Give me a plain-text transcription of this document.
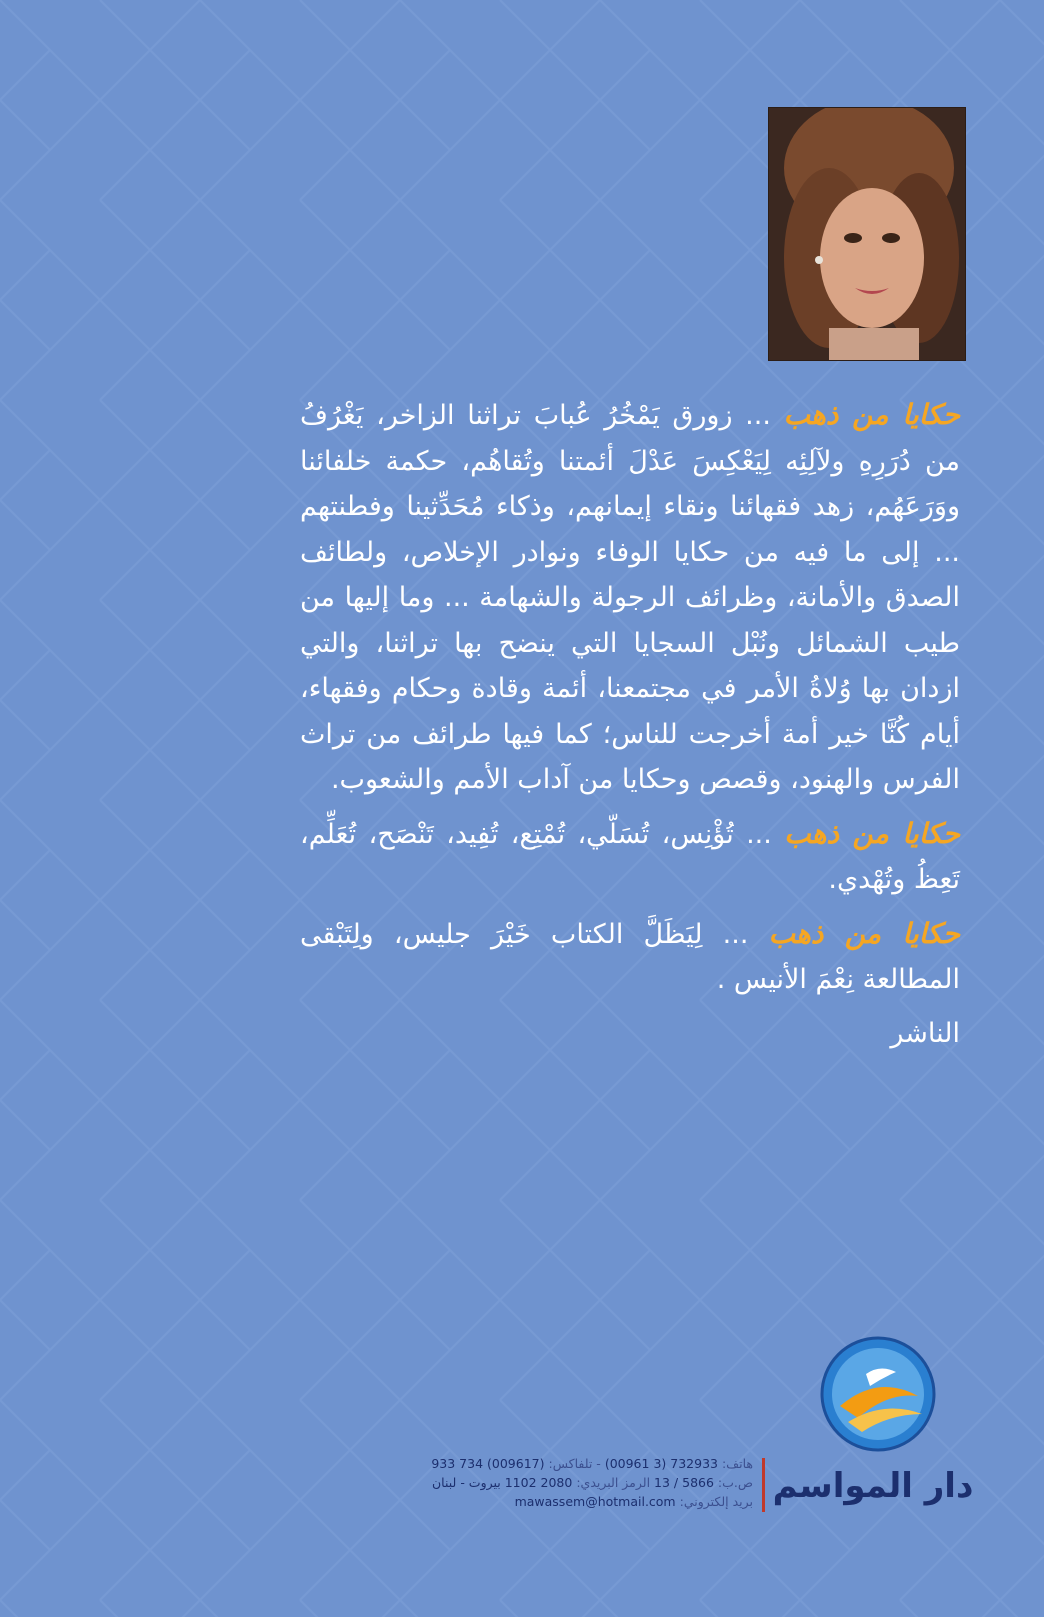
حكايا من ذهب ... زورق يَمْخُرُ عُبابَ تراثنا الزاخر، يَغْرُفُ من دُرَرِهِ ولآلِئِه لِيَعْكِسَ عَدْلَ أئمتنا وتُقاهُم، حكمة خلفائنا ووَرَعَهُم، زهد فقهائنا ونقاء إيمانهم، وذكاء مُحَدِّثينا وفطنتهم ... إلى ما فيه من حكايا الوفاء ونوادر الإخلاص، ولطائف الصدق والأمانة، وظرائف الرجولة والشهامة ... وما إليها من طيب الشمائل ونُبْل السجايا التي ينضح بها تراثنا، والتي ازدان بها وُلاةُ الأمر في مجتمعنا، أئمة وقادة وحكام وفقهاء، أيام كُنَّا خير أمة أخرجت للناس؛ كما فيها طرائف من تراث الفرس والهنود، وقصص وحكايا من آداب الأمم والشعوب.

حكايا من ذهب ... تُؤْنِس، تُسَلّي، تُمْتِع، تُفِيد، تَنْصَح، تُعَلِّم، تَعِظُ وتُهْدي.

حكايا من ذهب ... لِيَظَلَّ الكتاب خَيْرَ جليس، ولِتَبْقى المطالعة نِعْمَ الأنيس .

الناشر

دار المواسم
هاتف: 732933 (3 00961) - تلفاكس: (009617) 734 933
ص.ب: 5866 / 13 الرمز البريدي: 2080 1102 بيروت - لبنان
بريد إلكتروني: mawassem@hotmail.com
